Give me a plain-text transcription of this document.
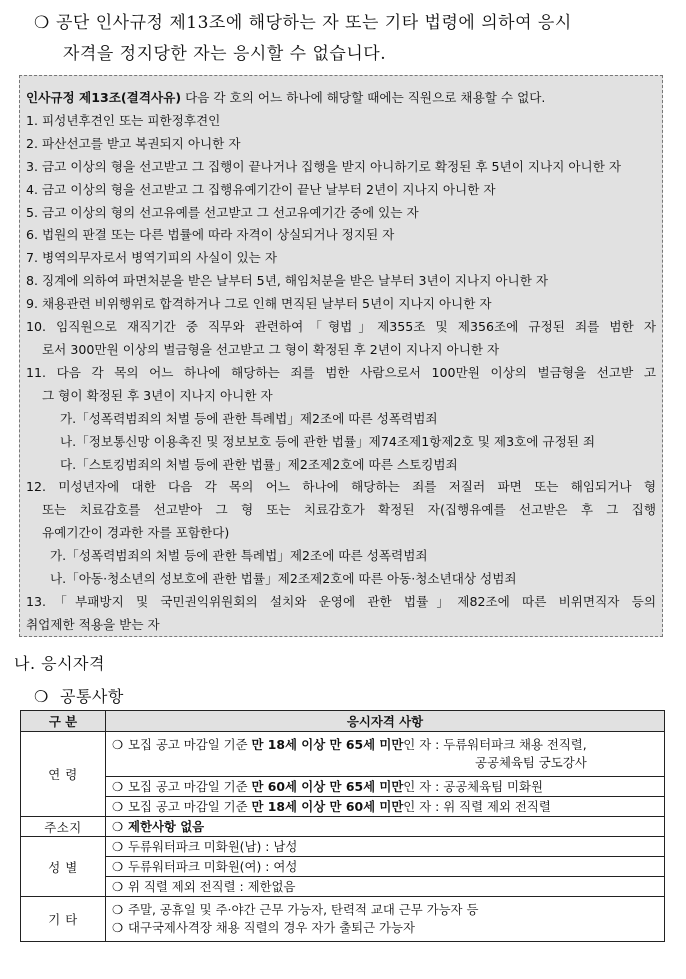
❍ 공단 인사규정 제13조에 해당하는 자 또는 기타 법령에 의하여 응시
자격을 정지당한 자는 응시할 수 없습니다.
인사규정 제13조(결격사유) 다음 각 호의 어느 하나에 해당할 때에는 직원으로 채용할 수 없다.
1. 피성년후견인 또는 피한정후견인
2. 파산선고를 받고 복권되지 아니한 자
3. 금고 이상의 형을 선고받고 그 집행이 끝나거나 집행을 받지 아니하기로 확정된 후 5년이 지나지 아니한 자
4. 금고 이상의 형을 선고받고 그 집행유예기간이 끝난 날부터 2년이 지나지 아니한 자
5. 금고 이상의 형의 선고유예를 선고받고 그 선고유예기간 중에 있는 자
6. 법원의 판결 또는 다른 법률에 따라 자격이 상실되거나 정지된 자
7. 병역의무자로서 병역기피의 사실이 있는 자
8. 징계에 의하여 파면처분을 받은 날부터 5년, 해임처분을 받은 날부터 3년이 지나지 아니한 자
9. 채용관련 비위행위로 합격하거나 그로 인해 면직된 날부터 5년이 지나지 아니한 자
10. 임직원으로 재직기간 중 직무와 관련하여「형법」제355조 및 제356조에 규정된 죄를 범한 자
로서 300만원 이상의 벌금형을 선고받고 그 형이 확정된 후 2년이 지나지 아니한 자
11. 다음 각 목의 어느 하나에 해당하는 죄를 범한 사람으로서 100만원 이상의 벌금형을 선고받 고
그 형이 확정된 후 3년이 지나지 아니한 자
가.「성폭력범죄의 처벌 등에 관한 특례법」제2조에 따른 성폭력범죄
나.「정보통신망 이용촉진 및 정보보호 등에 관한 법률」제74조제1항제2호 및 제3호에 규정된 죄
다.「스토킹범죄의 처벌 등에 관한 법률」제2조제2호에 따른 스토킹범죄
12. 미성년자에 대한 다음 각 목의 어느 하나에 해당하는 죄를 저질러 파면 또는 해임되거나 형
또는 치료감호를 선고받아 그 형 또는 치료감호가 확정된 자(집행유예를 선고받은 후 그 집행
유예기간이 경과한 자를 포함한다)
가.「성폭력범죄의 처벌 등에 관한 특례법」제2조에 따른 성폭력범죄
나.「아동·청소년의 성보호에 관한 법률」제2조제2호에 따른 아동·청소년대상 성범죄
13.「부패방지 및 국민권익위원회의 설치와 운영에 관한 법률」제82조에 따른 비위면직자 등의
취업제한 적용을 받는 자
나. 응시자격
❍ 공통사항
구 분	응시자격 사항
연 령	❍ 모집 공고 마감일 기준 만 18세 이상 만 65세 미만인 자 : 두류워터파크 채용 전직렬,
공공체육팀 궁도강사

	❍ 모집 공고 마감일 기준 만 60세 이상 만 65세 미만인 자 : 공공체육팀 미화원
	❍ 모집 공고 마감일 기준 만 18세 이상 만 60세 미만인 자 : 위 직렬 제외 전직렬
주소지	❍ 제한사항 없음
성 별	❍ 두류워터파크 미화원(남) : 남성
	❍ 두류워터파크 미화원(여) : 여성
	❍ 위 직렬 제외 전직렬 : 제한없음
기 타	❍ 주말, 공휴일 및 주·야간 근무 가능자, 탄력적 교대 근무 가능자 등
❍ 대구국제사격장 채용 직렬의 경우 자가 출퇴근 가능자
